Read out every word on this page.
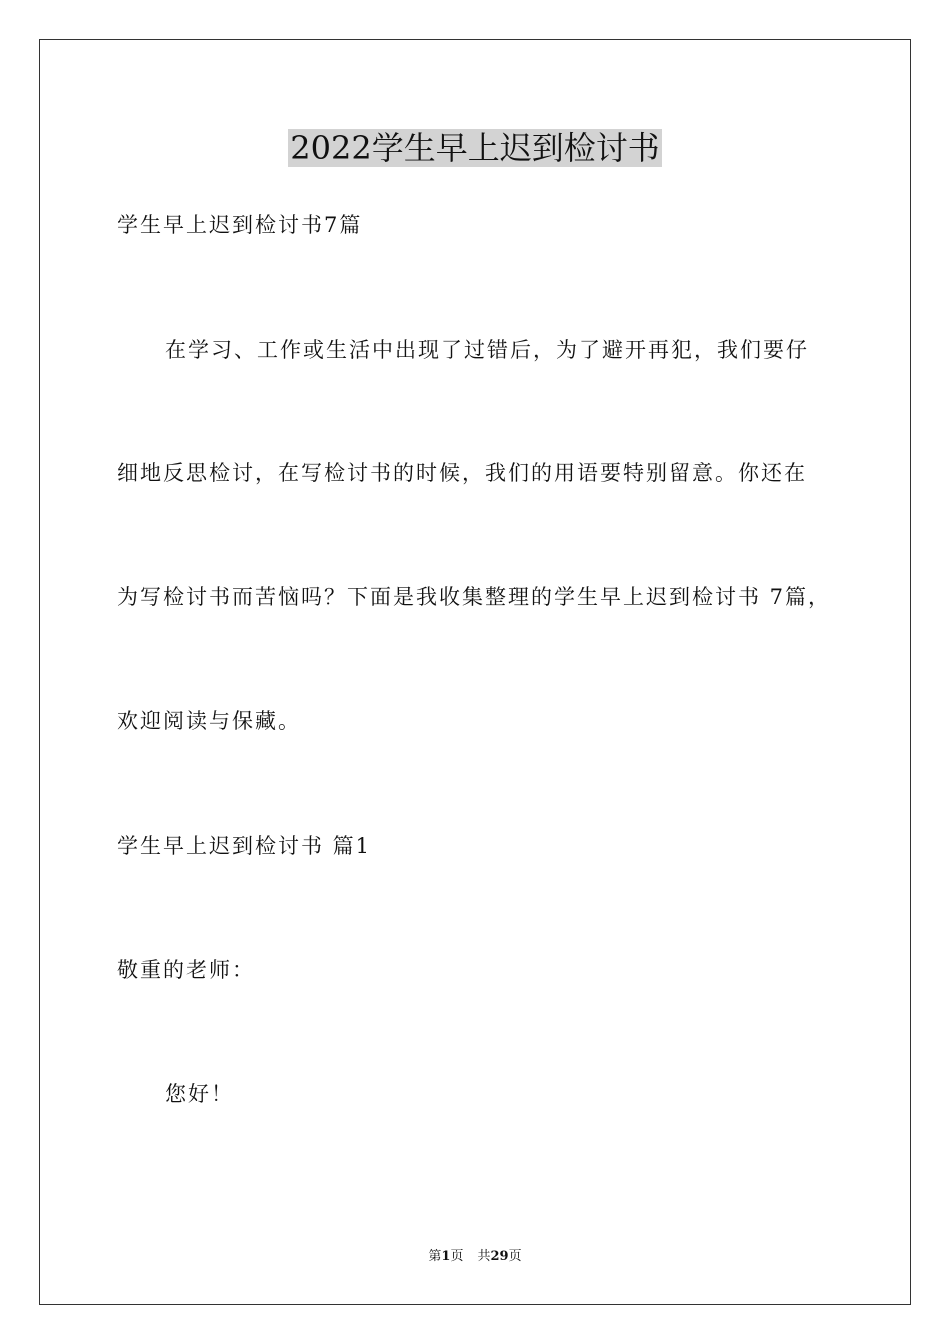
2022学生早上迟到检讨书
学生早上迟到检讨书7篇
在学习、工作或生活中出现了过错后，为了避开再犯，我们要仔
细地反思检讨，在写检讨书的时候，我们的用语要特别留意。你还在
为写检讨书而苦恼吗？下面是我收集整理的学生早上迟到检讨书 7篇，
欢迎阅读与保藏。
学生早上迟到检讨书 篇1
敬重的老师：
您好！
第1页 共29页
